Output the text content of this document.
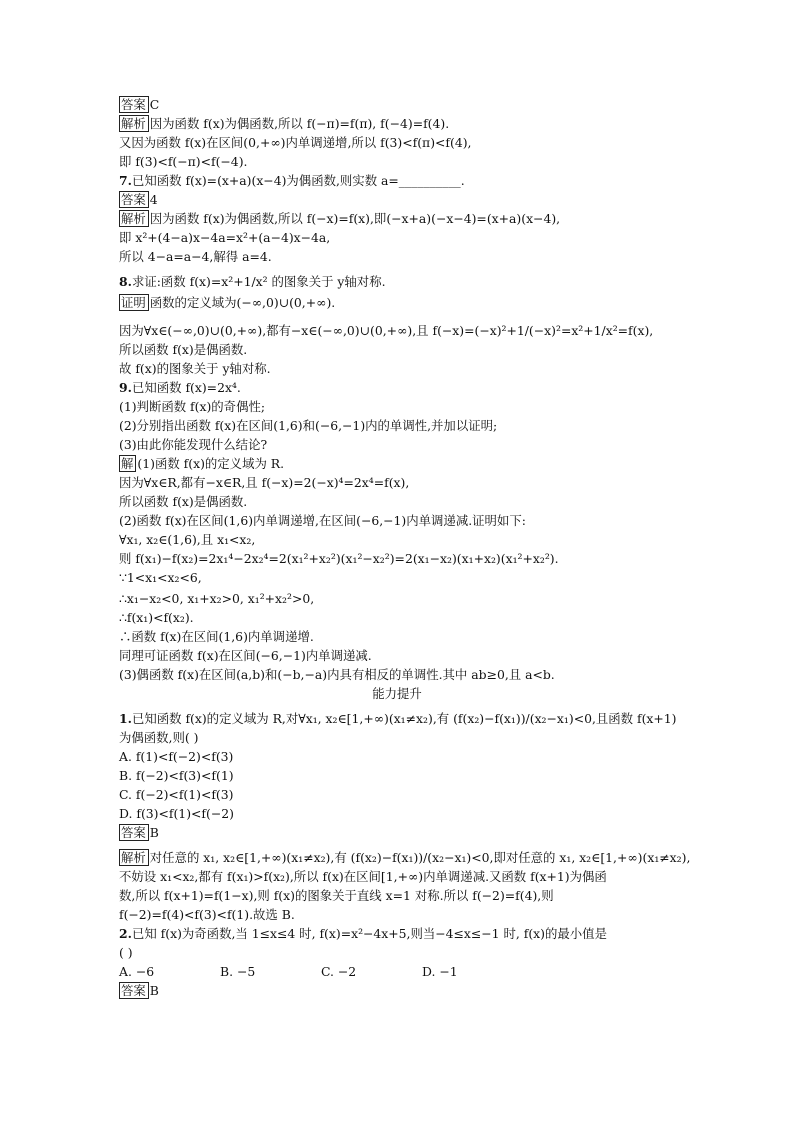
答案 C
解析 因为函数 f(x)为偶函数,所以 f(−π)=f(π), f(−4)=f(4).
又因为函数 f(x)在区间(0,+∞)内单调递增,所以 f(3)<f(π)<f(4),
即 f(3)<f(−π)<f(−4).
7.已知函数 f(x)=(x+a)(x−4)为偶函数,则实数 a=__________.
答案 4
解析 因为函数 f(x)为偶函数,所以 f(−x)=f(x),即(−x+a)(−x−4)=(x+a)(x−4),
即 x²+(4−a)x−4a=x²+(a−4)x−4a,
所以 4−a=a−4,解得 a=4.
8.求证:函数 f(x)=x²+1/x² 的图象关于 y轴对称.
证明 函数的定义域为(−∞,0)∪(0,+∞).
因为∀x∈(−∞,0)∪(0,+∞),都有−x∈(−∞,0)∪(0,+∞),且 f(−x)=(−x)²+1/(−x)²=x²+1/x²=f(x),
所以函数 f(x)是偶函数.
故 f(x)的图象关于 y轴对称.
9.已知函数 f(x)=2x⁴.
(1)判断函数 f(x)的奇偶性;
(2)分别指出函数 f(x)在区间(1,6)和(−6,−1)内的单调性,并加以证明;
(3)由此你能发现什么结论?
解 (1)函数 f(x)的定义域为 R.
因为∀x∈R,都有−x∈R,且 f(−x)=2(−x)⁴=2x⁴=f(x),
所以函数 f(x)是偶函数.
(2)函数 f(x)在区间(1,6)内单调递增,在区间(−6,−1)内单调递减.证明如下:
∀x₁, x₂∈(1,6),且 x₁<x₂,
则 f(x₁)−f(x₂)=2x₁⁴−2x₂⁴=2(x₁²+x₂²)(x₁²−x₂²)=2(x₁−x₂)(x₁+x₂)(x₁²+x₂²).
∵1<x₁<x₂<6,
∴x₁−x₂<0, x₁+x₂>0, x₁²+x₂²>0,
∴f(x₁)<f(x₂).
∴函数 f(x)在区间(1,6)内单调递增.
同理可证函数 f(x)在区间(−6,−1)内单调递减.
(3)偶函数 f(x)在区间(a,b)和(−b,−a)内具有相反的单调性.其中 ab≥0,且 a<b.
能力提升
1.已知函数 f(x)的定义域为 R,对∀x₁, x₂∈[1,+∞)(x₁≠x₂),有 (f(x₂)−f(x₁))/(x₂−x₁)<0,且函数 f(x+1)
为偶函数,则( )
A. f(1)<f(−2)<f(3)
B. f(−2)<f(3)<f(1)
C. f(−2)<f(1)<f(3)
D. f(3)<f(1)<f(−2)
答案 B
解析 对任意的 x₁, x₂∈[1,+∞)(x₁≠x₂),有 (f(x₂)−f(x₁))/(x₂−x₁)<0,即对任意的 x₁, x₂∈[1,+∞)(x₁≠x₂),
不妨设 x₁<x₂,都有 f(x₁)>f(x₂),所以 f(x)在区间[1,+∞)内单调递减.又函数 f(x+1)为偶函
数,所以 f(x+1)=f(1−x),则 f(x)的图象关于直线 x=1 对称.所以 f(−2)=f(4),则
f(−2)=f(4)<f(3)<f(1).故选 B.
2.已知 f(x)为奇函数,当 1≤x≤4 时, f(x)=x²−4x+5,则当−4≤x≤−1 时, f(x)的最小值是
( )
A. −6	B. −5	C. −2	D. −1
答案 B
